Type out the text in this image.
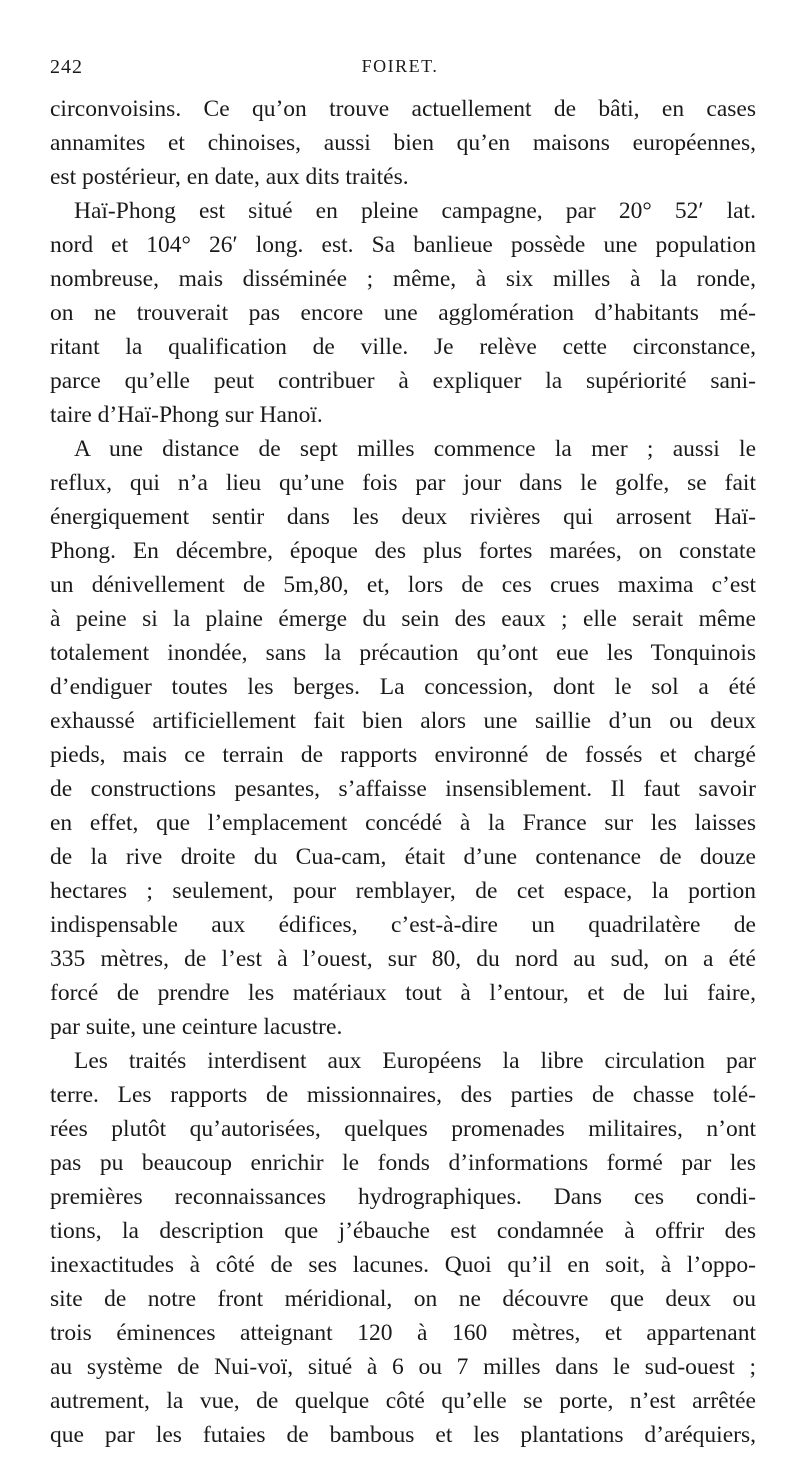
242	FOIRET.
circonvoisins. Ce qu’on trouve actuellement de bâti, en cases
annamites et chinoises, aussi bien qu’en maisons européennes,
est postérieur, en date, aux dits traités.
Haï-Phong est situé en pleine campagne, par 20° 52′ lat.
nord et 104° 26′ long. est. Sa banlieue possède une population
nombreuse, mais disséminée ; même, à six milles à la ronde,
on ne trouverait pas encore une agglomération d’habitants mé-
ritant la qualification de ville. Je relève cette circonstance,
parce qu’elle peut contribuer à expliquer la supériorité sani-
taire d’Haï-Phong sur Hanoï.
A une distance de sept milles commence la mer ; aussi le
reflux, qui n’a lieu qu’une fois par jour dans le golfe, se fait
énergiquement sentir dans les deux rivières qui arrosent Haï-
Phong. En décembre, époque des plus fortes marées, on constate
un dénivellement de 5m,80, et, lors de ces crues maxima c’est
à peine si la plaine émerge du sein des eaux ; elle serait même
totalement inondée, sans la précaution qu’ont eue les Tonquinois
d’endiguer toutes les berges. La concession, dont le sol a été
exhaussé artificiellement fait bien alors une saillie d’un ou deux
pieds, mais ce terrain de rapports environné de fossés et chargé
de constructions pesantes, s’affaisse insensiblement. Il faut savoir
en effet, que l’emplacement concédé à la France sur les laisses
de la rive droite du Cua-cam, était d’une contenance de douze
hectares ; seulement, pour remblayer, de cet espace, la portion
indispensable aux édifices, c’est-à-dire un quadrilatère de
335 mètres, de l’est à l’ouest, sur 80, du nord au sud, on a été
forcé de prendre les matériaux tout à l’entour, et de lui faire,
par suite, une ceinture lacustre.
Les traités interdisent aux Européens la libre circulation par
terre. Les rapports de missionnaires, des parties de chasse tolé-
rées plutôt qu’autorisées, quelques promenades militaires, n’ont
pas pu beaucoup enrichir le fonds d’informations formé par les
premières reconnaissances hydrographiques. Dans ces condi-
tions, la description que j’ébauche est condamnée à offrir des
inexactitudes à côté de ses lacunes. Quoi qu’il en soit, à l’oppo-
site de notre front méridional, on ne découvre que deux ou
trois éminences atteignant 120 à 160 mètres, et appartenant
au système de Nui-voï, situé à 6 ou 7 milles dans le sud-ouest ;
autrement, la vue, de quelque côté qu’elle se porte, n’est arrêtée
que par les futaies de bambous et les plantations d’aréquiers,
